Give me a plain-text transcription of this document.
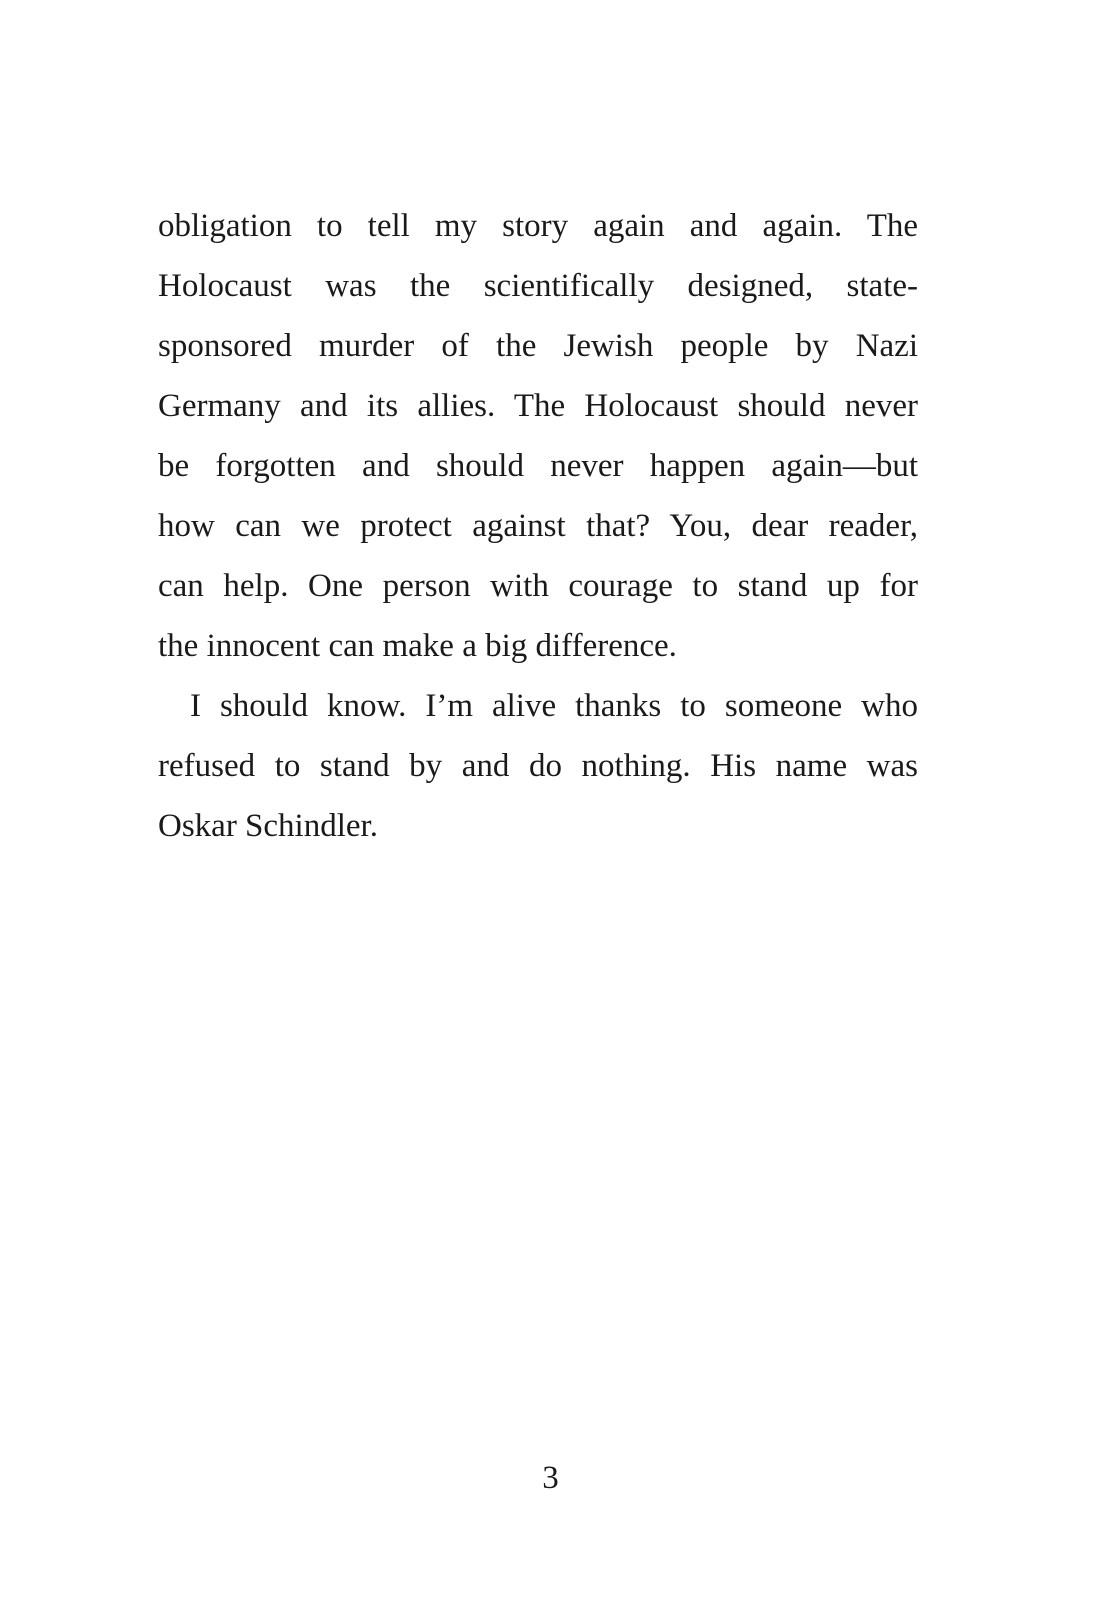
obligation to tell my story again and again. The
Holocaust was the scientifically designed, state-
sponsored murder of the Jewish people by Nazi
Germany and its allies. The Holocaust should never
be forgotten and should never happen again—but
how can we protect against that? You, dear reader,
can help. One person with courage to stand up for
the innocent can make a big difference.
I should know. I’m alive thanks to someone who
refused to stand by and do nothing. His name was
Oskar Schindler.
3
